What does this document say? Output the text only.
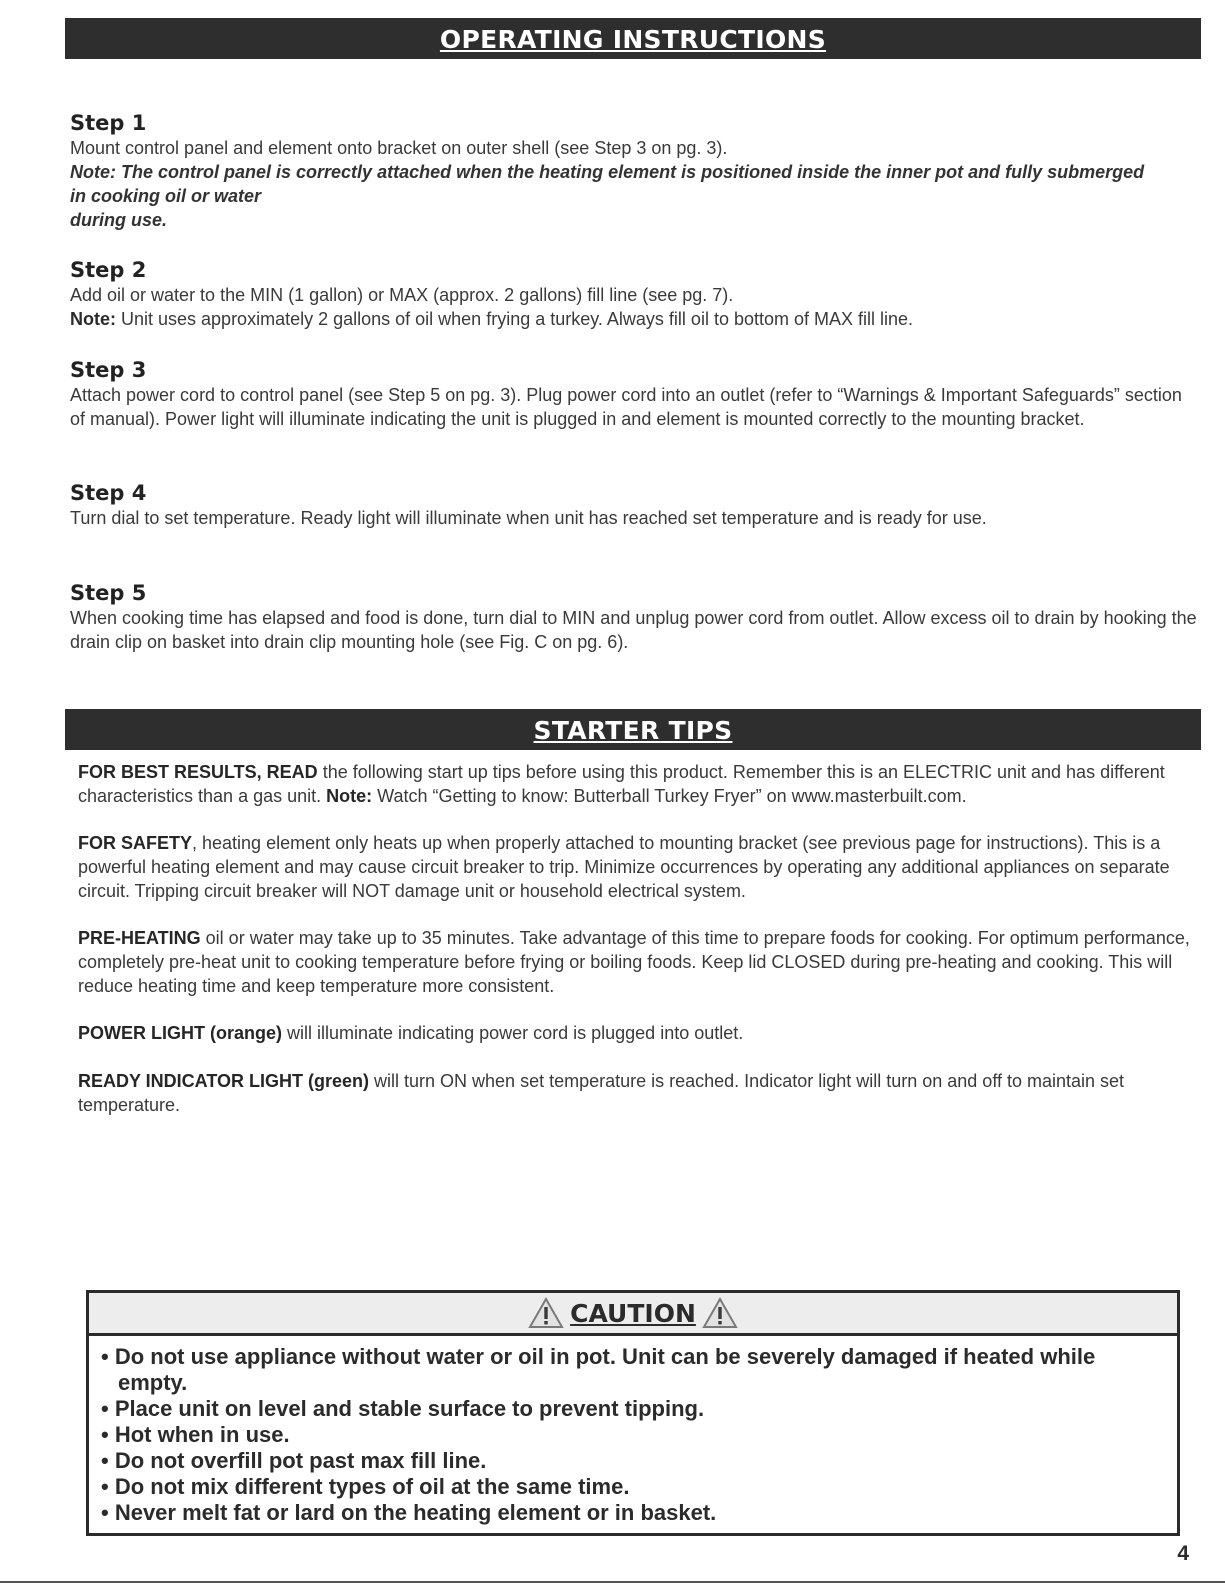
OPERATING INSTRUCTIONS
Step 1

Mount control panel and element onto bracket on outer shell (see Step 3 on pg. 3).

Note: The control panel is correctly attached when the heating element is positioned inside the inner pot and fully submerged in cooking oil or water

during use.

Step 2

Add oil or water to the MIN (1 gallon) or MAX (approx. 2 gallons) fill line (see pg. 7).

Note: Unit uses approximately 2 gallons of oil when frying a turkey. Always fill oil to bottom of MAX fill line.

Step 3

Attach power cord to control panel (see Step 5 on pg. 3). Plug power cord into an outlet (refer to “Warnings & Important Safeguards” section of manual). Power light will illuminate indicating the unit is plugged in and element is mounted correctly to the mounting bracket.

Step 4

Turn dial to set temperature. Ready light will illuminate when unit has reached set temperature and is ready for use.

Step 5

When cooking time has elapsed and food is done, turn dial to MIN and unplug power cord from outlet. Allow excess oil to drain by hooking the drain clip on basket into drain clip mounting hole (see Fig. C on pg. 6).

STARTER TIPS

FOR BEST RESULTS, READ the following start up tips before using this product. Remember this is an ELECTRIC unit and has different characteristics than a gas unit. Note: Watch “Getting to know: Butterball Turkey Fryer” on www.masterbuilt.com.

FOR SAFETY, heating element only heats up when properly attached to mounting bracket (see previous page for instructions). This is a powerful heating element and may cause circuit breaker to trip. Minimize occurrences by operating any additional appliances on separate circuit. Tripping circuit breaker will NOT damage unit or household electrical system.

PRE-HEATING oil or water may take up to 35 minutes. Take advantage of this time to prepare foods for cooking. For optimum performance, completely pre-heat unit to cooking temperature before frying or boiling foods. Keep lid CLOSED during pre-heating and cooking. This will reduce heating time and keep temperature more consistent.

POWER LIGHT (orange) will illuminate indicating power cord is plugged into outlet.

READY INDICATOR LIGHT (green) will turn ON when set temperature is reached. Indicator light will turn on and off to maintain set temperature.

CAUTION
• Do not use appliance without water or oil in pot. Unit can be severely damaged if heated while empty.
• Place unit on level and stable surface to prevent tipping.
• Hot when in use.
• Do not overfill pot past max fill line.
• Do not mix different types of oil at the same time.
• Never melt fat or lard on the heating element or in basket.
4
